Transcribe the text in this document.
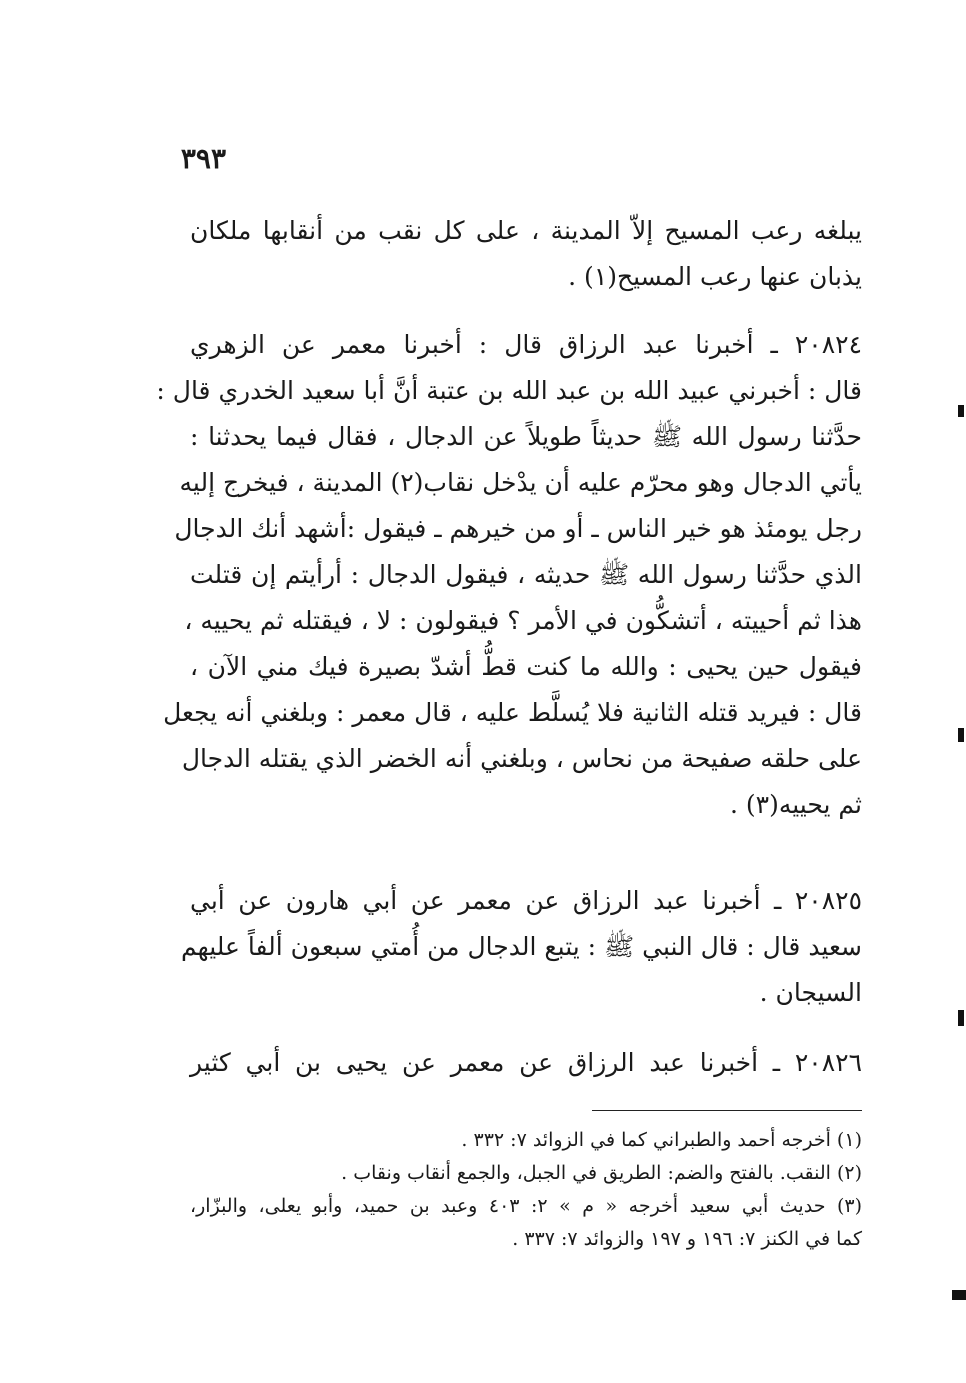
٣٩٣
يبلغه رعب المسيح إلاّ المدينة ، على كل نقب من أنقابها ملكان
يذبان عنها رعب المسيح(١) .
٢٠٨٢٤ ـ أخبرنا عبد الرزاق قال : أخبرنا معمر عن الزهري
قال : أخبرني عبيد الله بن عبد الله بن عتبة أنَّ أبا سعيد الخدري قال :
حدَّثنا رسول الله ﷺ حديثاً طويلاً عن الدجال ، فقال فيما يحدثنا :
يأتي الدجال وهو محرّم عليه أن يدْخل نقاب(٢) المدينة ، فيخرج إليه
رجل يومئذ هو خير الناس ـ أو من خيرهم ـ فيقول :أشهد أنك الدجال
الذي حدَّثنا رسول الله ﷺ حديثه ، فيقول الدجال : أرأيتم إن قتلت
هذا ثم أحييته ، أتشكُّون في الأمر ؟ فيقولون : لا ، فيقتله ثم يحييه ،
فيقول حين يحيى : والله ما كنت قطُّ أشدّ بصيرة فيك مني الآن ،
قال : فيريد قتله الثانية فلا يُسلَّط عليه ، قال معمر : وبلغني أنه يجعل
على حلقه صفيحة من نحاس ، وبلغني أنه الخضر الذي يقتله الدجال
ثم يحييه(٣) .
٢٠٨٢٥ ـ أخبرنا عبد الرزاق عن معمر عن أبي هارون عن أبي
سعيد قال : قال النبي ﷺ : يتبع الدجال من أُمتي سبعون ألفاً عليهم
السيجان .
٢٠٨٢٦ ـ أخبرنا عبد الرزاق عن معمر عن يحيى بن أبي كثير
(١) أخرجه أحمد والطبراني كما في الزوائد ٧: ٣٣٢ .
(٢) النقب. بالفتح والضم: الطريق في الجبل، والجمع أنقاب ونقاب .
(٣) حديث أبي سعيد أخرجه « م » ٢: ٤٠٣ وعبد بن حميد، وأبو يعلى، والبزّار،
كما في الكنز ٧: ١٩٦ و ١٩٧ والزوائد ٧: ٣٣٧ .
